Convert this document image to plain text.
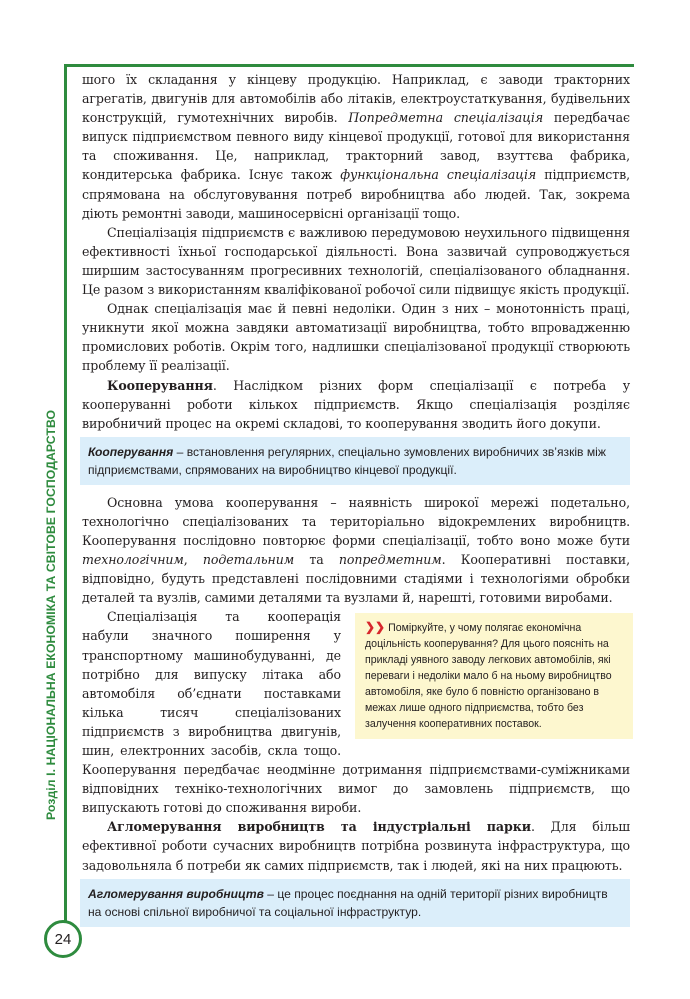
Розділ І. НАЦІОНАЛЬНА ЕКОНОМІКА ТА СВІТОВЕ ГОСПОДАРСТВО
24

шого їх складання у кінцеву продукцію. Наприклад, є заводи тракторних агрегатів, двигунів для автомобілів або літаків, електроустаткування, будівельних конструкцій, гумотехнічних виробів. Попредметна спеціалізація передбачає випуск підприємством певного виду кінцевої продукції, готової для використання та споживання. Це, наприклад, тракторний завод, взуттєва фабрика, кондитерська фабрика. Існує також функціональна спеціалізація підприємств, спрямована на обслуговування потреб виробництва або людей. Так, зокрема діють ремонтні заводи, машиносервісні організації тощо.

Спеціалізація підприємств є важливою передумовою неухильного підвищення ефективності їхньої господарської діяльності. Вона зазвичай супроводжується ширшим застосуванням прогресивних технологій, спеціалізованого обладнання. Це разом з використанням кваліфікованої робочої сили підвищує якість продукції.

Однак спеціалізація має й певні недоліки. Один з них – монотонність праці, уникнути якої можна завдяки автоматизації виробництва, тобто впровадженню промислових роботів. Окрім того, надлишки спеціалізованої продукції створюють проблему її реалізації.

Кооперування. Наслідком різних форм спеціалізації є потреба у кооперуванні роботи кількох підприємств. Якщо спеціалізація розділяє виробничий процес на окремі складові, то кооперування зводить його докупи.

Кооперування – встановлення регулярних, спеціально зумовлених виробничих зв’язків між підприємствами, спрямованих на виробництво кінцевої продукції.

Основна умова кооперування – наявність широкої мережі подетально, технологічно спеціалізованих та територіально відокремлених виробництв. Кооперування послідовно повторює форми спеціалізації, тобто воно може бути технологічним, подетальним та попредметним. Кооперативні поставки, відповідно, будуть представлені послідовними стадіями і технологіями обробки деталей та вузлів, самими деталями та вузлами й, нарешті, готовими виробами.

❯❯ Поміркуйте, у чому полягає економічна доцільність кооперування? Для цього поясніть на прикладі уявного заводу легкових автомобілів, які переваги і недоліки мало б на ньому виробництво автомобіля, яке було б повністю організовано в межах лише одного підприємства, тобто без залучення кооперативних поставок.

Спеціалізація та кооперація набули значного поширення у транспортному машинобудуванні, де потрібно для випуску літака або автомобіля об’єднати поставками кілька тисяч спеціалізованих підприємств з виробництва двигунів, шин, електронних засобів, скла тощо. Кооперування передбачає неодмінне дотримання підприємствами-суміжниками відповідних техніко-технологічних вимог до замовлень підприємств, що випускають готові до споживання вироби.

Агломерування виробництв та індустріальні парки. Для більш ефективної роботи сучасних виробництв потрібна розвинута інфраструктура, що задовольняла б потреби як самих підприємств, так і людей, які на них працюють.

Агломерування виробництв – це процес поєднання на одній території різних виробництв на основі спільної виробничої та соціальної інфраструктур.
